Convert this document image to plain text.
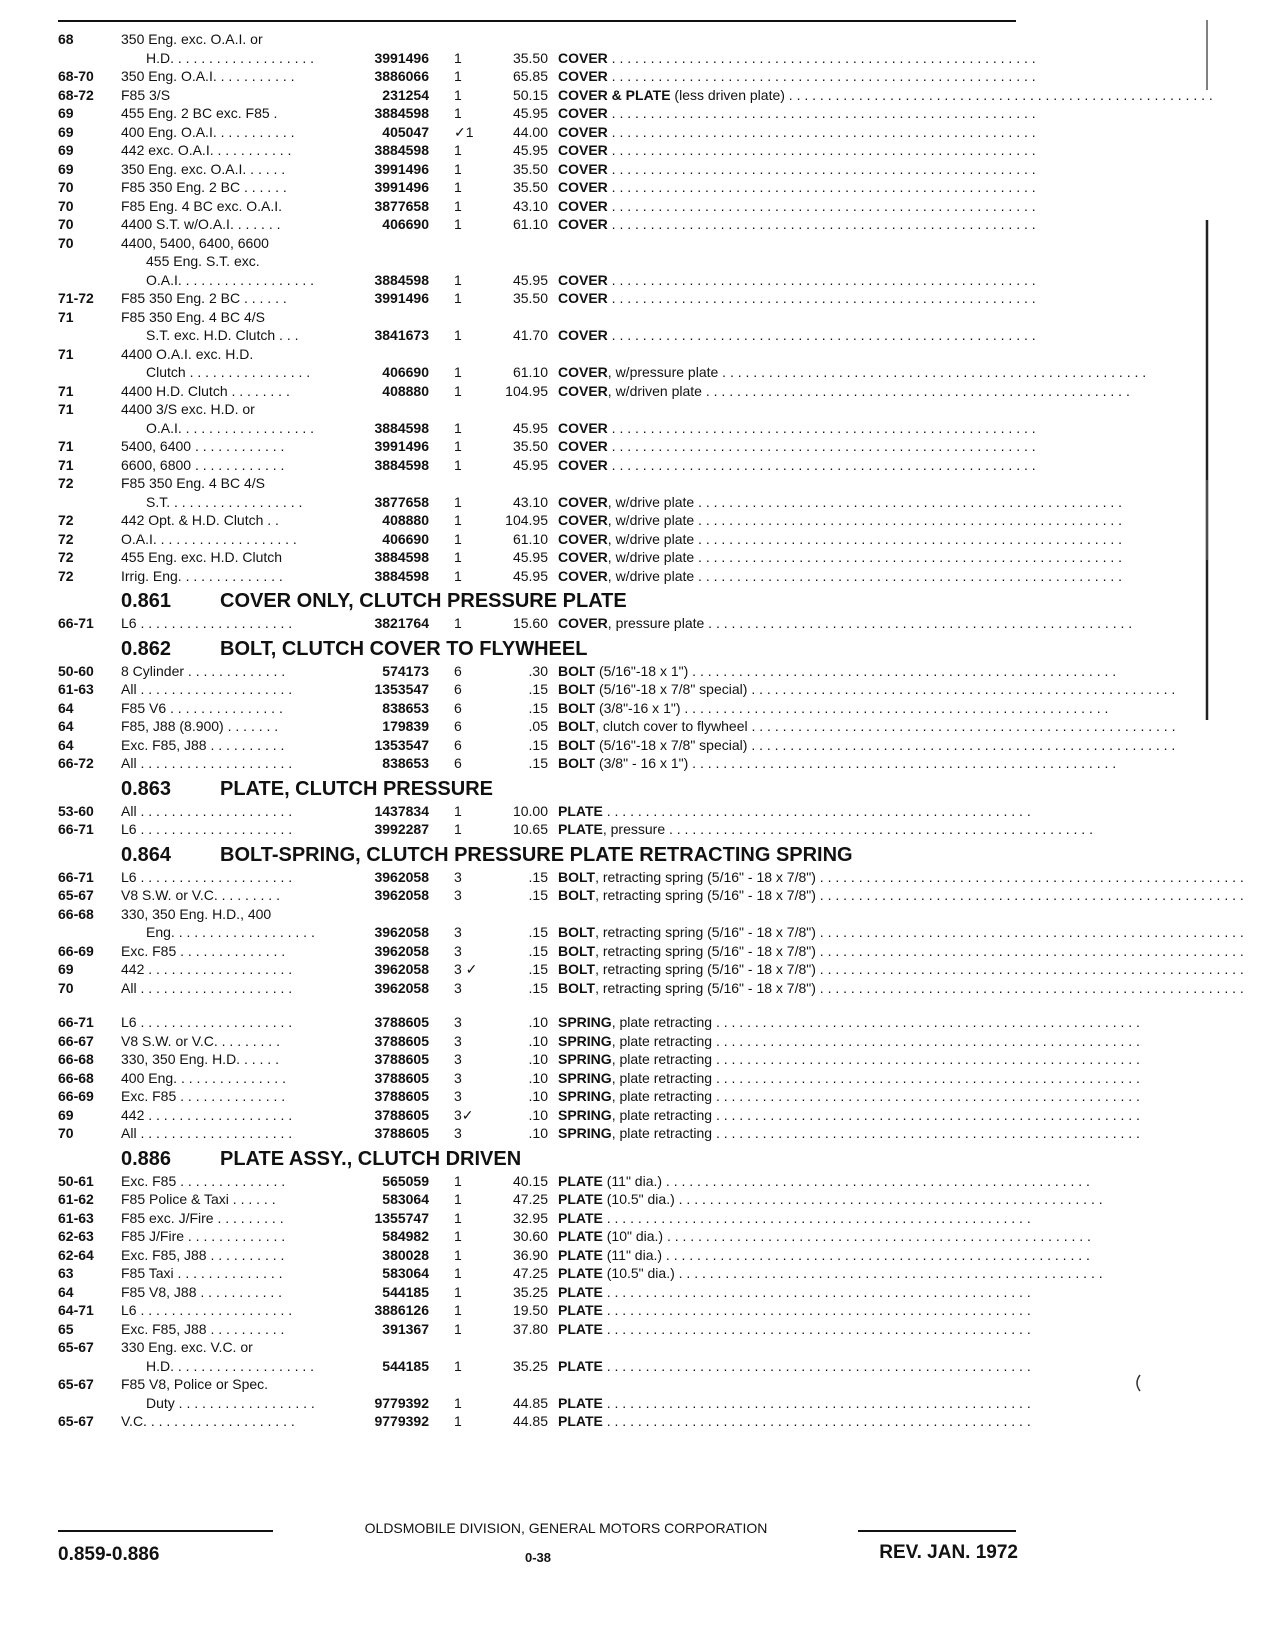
68	350 Eng. exc. O.A.I. or
H.D. . . . . . . . . . . . . . . . . . .	3991496 1	35.50 COVER . . . . . . . . . . . . . . . . . . . . . . . . . . . . . . . . . . . . . . . . . . . . . . . . . . . . . . .
68-70	350 Eng. O.A.I. . . . . . . . . . .	3886066 1	65.85 COVER . . . . . . . . . . . . . . . . . . . . . . . . . . . . . . . . . . . . . . . . . . . . . . . . . . . . . . .
68-72	F85 3/S	231254 1	50.15 COVER & PLATE (less driven plate) . . . . . . . . . . . . . . . . . . . . . . . . . . . . . . . . . . . . . . . . . . . . . . . . . . . . . . .
69	455 Eng. 2 BC exc. F85 .	3884598 1	45.95 COVER . . . . . . . . . . . . . . . . . . . . . . . . . . . . . . . . . . . . . . . . . . . . . . . . . . . . . . .
69	400 Eng. O.A.I. . . . . . . . . . .	405047 ✓1	44.00 COVER . . . . . . . . . . . . . . . . . . . . . . . . . . . . . . . . . . . . . . . . . . . . . . . . . . . . . . .
69	442 exc. O.A.I. . . . . . . . . . .	3884598 1	45.95 COVER . . . . . . . . . . . . . . . . . . . . . . . . . . . . . . . . . . . . . . . . . . . . . . . . . . . . . . .
69	350 Eng. exc. O.A.I. . . . . .	3991496 1	35.50 COVER . . . . . . . . . . . . . . . . . . . . . . . . . . . . . . . . . . . . . . . . . . . . . . . . . . . . . . .
70	F85 350 Eng. 2 BC . . . . . .	3991496 1	35.50 COVER . . . . . . . . . . . . . . . . . . . . . . . . . . . . . . . . . . . . . . . . . . . . . . . . . . . . . . .
70	F85 Eng. 4 BC exc. O.A.I.	3877658 1	43.10 COVER . . . . . . . . . . . . . . . . . . . . . . . . . . . . . . . . . . . . . . . . . . . . . . . . . . . . . . .
70	4400 S.T. w/O.A.I. . . . . . .	406690 1	61.10 COVER . . . . . . . . . . . . . . . . . . . . . . . . . . . . . . . . . . . . . . . . . . . . . . . . . . . . . . .
70	4400, 5400, 6400, 6600
455 Eng. S.T. exc.
O.A.I. . . . . . . . . . . . . . . . . .	3884598 1	45.95 COVER . . . . . . . . . . . . . . . . . . . . . . . . . . . . . . . . . . . . . . . . . . . . . . . . . . . . . . .
71-72	F85 350 Eng. 2 BC . . . . . .	3991496 1	35.50 COVER . . . . . . . . . . . . . . . . . . . . . . . . . . . . . . . . . . . . . . . . . . . . . . . . . . . . . . .
71	F85 350 Eng. 4 BC 4/S
S.T. exc. H.D. Clutch . . .	3841673 1	41.70 COVER . . . . . . . . . . . . . . . . . . . . . . . . . . . . . . . . . . . . . . . . . . . . . . . . . . . . . . .
71	4400 O.A.I. exc. H.D.
Clutch . . . . . . . . . . . . . . . .	406690 1	61.10 COVER, w/pressure plate . . . . . . . . . . . . . . . . . . . . . . . . . . . . . . . . . . . . . . . . . . . . . . . . . . . . . . .
71	4400 H.D. Clutch . . . . . . . .	408880 1	104.95 COVER, w/driven plate . . . . . . . . . . . . . . . . . . . . . . . . . . . . . . . . . . . . . . . . . . . . . . . . . . . . . . .
71	4400 3/S exc. H.D. or
O.A.I. . . . . . . . . . . . . . . . . .	3884598 1	45.95 COVER . . . . . . . . . . . . . . . . . . . . . . . . . . . . . . . . . . . . . . . . . . . . . . . . . . . . . . .
71	5400, 6400 . . . . . . . . . . . .	3991496 1	35.50 COVER . . . . . . . . . . . . . . . . . . . . . . . . . . . . . . . . . . . . . . . . . . . . . . . . . . . . . . .
71	6600, 6800 . . . . . . . . . . . .	3884598 1	45.95 COVER . . . . . . . . . . . . . . . . . . . . . . . . . . . . . . . . . . . . . . . . . . . . . . . . . . . . . . .
72	F85 350 Eng. 4 BC 4/S
S.T. . . . . . . . . . . . . . . . . .	3877658 1	43.10 COVER, w/drive plate . . . . . . . . . . . . . . . . . . . . . . . . . . . . . . . . . . . . . . . . . . . . . . . . . . . . . . .
72	442 Opt. & H.D. Clutch . .	408880 1	104.95 COVER, w/drive plate . . . . . . . . . . . . . . . . . . . . . . . . . . . . . . . . . . . . . . . . . . . . . . . . . . . . . . .
72	O.A.I. . . . . . . . . . . . . . . . . . .	406690 1	61.10 COVER, w/drive plate . . . . . . . . . . . . . . . . . . . . . . . . . . . . . . . . . . . . . . . . . . . . . . . . . . . . . . .
72	455 Eng. exc. H.D. Clutch	3884598 1	45.95 COVER, w/drive plate . . . . . . . . . . . . . . . . . . . . . . . . . . . . . . . . . . . . . . . . . . . . . . . . . . . . . . .
72	Irrig. Eng. . . . . . . . . . . . . .	3884598 1	45.95 COVER, w/drive plate . . . . . . . . . . . . . . . . . . . . . . . . . . . . . . . . . . . . . . . . . . . . . . . . . . . . . . .
0.861 COVER ONLY, CLUTCH PRESSURE PLATE
66-71	L6 . . . . . . . . . . . . . . . . . . . .	3821764 1	15.60 COVER, pressure plate . . . . . . . . . . . . . . . . . . . . . . . . . . . . . . . . . . . . . . . . . . . . . . . . . . . . . . .
0.862 BOLT, CLUTCH COVER TO FLYWHEEL
50-60	8 Cylinder . . . . . . . . . . . . .	574173 6	.30 BOLT (5/16"-18 x 1") . . . . . . . . . . . . . . . . . . . . . . . . . . . . . . . . . . . . . . . . . . . . . . . . . . . . . . .
61-63	All . . . . . . . . . . . . . . . . . . . .	1353547 6	.15 BOLT (5/16"-18 x 7/8" special) . . . . . . . . . . . . . . . . . . . . . . . . . . . . . . . . . . . . . . . . . . . . . . . . . . . . . . .
64	F85 V6 . . . . . . . . . . . . . . .	838653 6	.15 BOLT (3/8"-16 x 1") . . . . . . . . . . . . . . . . . . . . . . . . . . . . . . . . . . . . . . . . . . . . . . . . . . . . . . .
64	F85, J88 (8.900) . . . . . . .	179839 6	.05 BOLT, clutch cover to flywheel . . . . . . . . . . . . . . . . . . . . . . . . . . . . . . . . . . . . . . . . . . . . . . . . . . . . . . .
64	Exc. F85, J88 . . . . . . . . . .	1353547 6	.15 BOLT (5/16"-18 x 7/8" special) . . . . . . . . . . . . . . . . . . . . . . . . . . . . . . . . . . . . . . . . . . . . . . . . . . . . . . .
66-72	All . . . . . . . . . . . . . . . . . . . .	838653 6	.15 BOLT (3/8" - 16 x 1") . . . . . . . . . . . . . . . . . . . . . . . . . . . . . . . . . . . . . . . . . . . . . . . . . . . . . . .
0.863 PLATE, CLUTCH PRESSURE
53-60	All . . . . . . . . . . . . . . . . . . . .	1437834 1	10.00 PLATE . . . . . . . . . . . . . . . . . . . . . . . . . . . . . . . . . . . . . . . . . . . . . . . . . . . . . . .
66-71	L6 . . . . . . . . . . . . . . . . . . . .	3992287 1	10.65 PLATE, pressure . . . . . . . . . . . . . . . . . . . . . . . . . . . . . . . . . . . . . . . . . . . . . . . . . . . . . . .
0.864 BOLT-SPRING, CLUTCH PRESSURE PLATE RETRACTING SPRING
66-71	L6 . . . . . . . . . . . . . . . . . . . .	3962058 3	.15 BOLT, retracting spring (5/16" - 18 x 7/8") . . . . . . . . . . . . . . . . . . . . . . . . . . . . . . . . . . . . . . . . . . . . . . . . . . . . . . .
65-67	V8 S.W. or V.C. . . . . . . . .	3962058 3	.15 BOLT, retracting spring (5/16" - 18 x 7/8") . . . . . . . . . . . . . . . . . . . . . . . . . . . . . . . . . . . . . . . . . . . . . . . . . . . . . . .
66-68	330, 350 Eng. H.D., 400
Eng. . . . . . . . . . . . . . . . . . .	3962058 3	.15 BOLT, retracting spring (5/16" - 18 x 7/8") . . . . . . . . . . . . . . . . . . . . . . . . . . . . . . . . . . . . . . . . . . . . . . . . . . . . . . .
66-69	Exc. F85 . . . . . . . . . . . . . .	3962058 3	.15 BOLT, retracting spring (5/16" - 18 x 7/8") . . . . . . . . . . . . . . . . . . . . . . . . . . . . . . . . . . . . . . . . . . . . . . . . . . . . . . .
69	442 . . . . . . . . . . . . . . . . . . .	3962058 3 ✓	.15 BOLT, retracting spring (5/16" - 18 x 7/8") . . . . . . . . . . . . . . . . . . . . . . . . . . . . . . . . . . . . . . . . . . . . . . . . . . . . . . .
70	All . . . . . . . . . . . . . . . . . . . .	3962058 3	.15 BOLT, retracting spring (5/16" - 18 x 7/8") . . . . . . . . . . . . . . . . . . . . . . . . . . . . . . . . . . . . . . . . . . . . . . . . . . . . . . .
66-71	L6 . . . . . . . . . . . . . . . . . . . .	3788605 3	.10 SPRING, plate retracting . . . . . . . . . . . . . . . . . . . . . . . . . . . . . . . . . . . . . . . . . . . . . . . . . . . . . . .
66-67	V8 S.W. or V.C. . . . . . . . .	3788605 3	.10 SPRING, plate retracting . . . . . . . . . . . . . . . . . . . . . . . . . . . . . . . . . . . . . . . . . . . . . . . . . . . . . . .
66-68	330, 350 Eng. H.D. . . . . .	3788605 3	.10 SPRING, plate retracting . . . . . . . . . . . . . . . . . . . . . . . . . . . . . . . . . . . . . . . . . . . . . . . . . . . . . . .
66-68	400 Eng. . . . . . . . . . . . . . .	3788605 3	.10 SPRING, plate retracting . . . . . . . . . . . . . . . . . . . . . . . . . . . . . . . . . . . . . . . . . . . . . . . . . . . . . . .
66-69	Exc. F85 . . . . . . . . . . . . . .	3788605 3	.10 SPRING, plate retracting . . . . . . . . . . . . . . . . . . . . . . . . . . . . . . . . . . . . . . . . . . . . . . . . . . . . . . .
69	442 . . . . . . . . . . . . . . . . . . .	3788605 3✓	.10 SPRING, plate retracting . . . . . . . . . . . . . . . . . . . . . . . . . . . . . . . . . . . . . . . . . . . . . . . . . . . . . . .
70	All . . . . . . . . . . . . . . . . . . . .	3788605 3	.10 SPRING, plate retracting . . . . . . . . . . . . . . . . . . . . . . . . . . . . . . . . . . . . . . . . . . . . . . . . . . . . . . .
0.886 PLATE ASSY., CLUTCH DRIVEN
50-61	Exc. F85 . . . . . . . . . . . . . .	565059 1	40.15 PLATE (11" dia.) . . . . . . . . . . . . . . . . . . . . . . . . . . . . . . . . . . . . . . . . . . . . . . . . . . . . . . .
61-62	F85 Police & Taxi . . . . . .	583064 1	47.25 PLATE (10.5" dia.) . . . . . . . . . . . . . . . . . . . . . . . . . . . . . . . . . . . . . . . . . . . . . . . . . . . . . . .
61-63	F85 exc. J/Fire . . . . . . . . .	1355747 1	32.95 PLATE . . . . . . . . . . . . . . . . . . . . . . . . . . . . . . . . . . . . . . . . . . . . . . . . . . . . . . .
62-63	F85 J/Fire . . . . . . . . . . . . .	584982 1	30.60 PLATE (10" dia.) . . . . . . . . . . . . . . . . . . . . . . . . . . . . . . . . . . . . . . . . . . . . . . . . . . . . . . .
62-64	Exc. F85, J88 . . . . . . . . . .	380028 1	36.90 PLATE (11" dia.) . . . . . . . . . . . . . . . . . . . . . . . . . . . . . . . . . . . . . . . . . . . . . . . . . . . . . . .
63	F85 Taxi . . . . . . . . . . . . . .	583064 1	47.25 PLATE (10.5" dia.) . . . . . . . . . . . . . . . . . . . . . . . . . . . . . . . . . . . . . . . . . . . . . . . . . . . . . . .
64	F85 V8, J88 . . . . . . . . . . .	544185 1	35.25 PLATE . . . . . . . . . . . . . . . . . . . . . . . . . . . . . . . . . . . . . . . . . . . . . . . . . . . . . . .
64-71	L6 . . . . . . . . . . . . . . . . . . . .	3886126 1	19.50 PLATE . . . . . . . . . . . . . . . . . . . . . . . . . . . . . . . . . . . . . . . . . . . . . . . . . . . . . . .
65	Exc. F85, J88 . . . . . . . . . .	391367 1	37.80 PLATE . . . . . . . . . . . . . . . . . . . . . . . . . . . . . . . . . . . . . . . . . . . . . . . . . . . . . . .
65-67	330 Eng. exc. V.C. or
H.D. . . . . . . . . . . . . . . . . . .	544185 1	35.25 PLATE . . . . . . . . . . . . . . . . . . . . . . . . . . . . . . . . . . . . . . . . . . . . . . . . . . . . . . .
65-67	F85 V8, Police or Spec.
Duty . . . . . . . . . . . . . . . . . .	9779392 1	44.85 PLATE . . . . . . . . . . . . . . . . . . . . . . . . . . . . . . . . . . . . . . . . . . . . . . . . . . . . . . .
65-67	V.C. . . . . . . . . . . . . . . . . . . .	9779392 1	44.85 PLATE . . . . . . . . . . . . . . . . . . . . . . . . . . . . . . . . . . . . . . . . . . . . . . . . . . . . . . .
OLDSMOBILE DIVISION, GENERAL MOTORS CORPORATION
0.859-0.886	0-38	REV. JAN. 1972
